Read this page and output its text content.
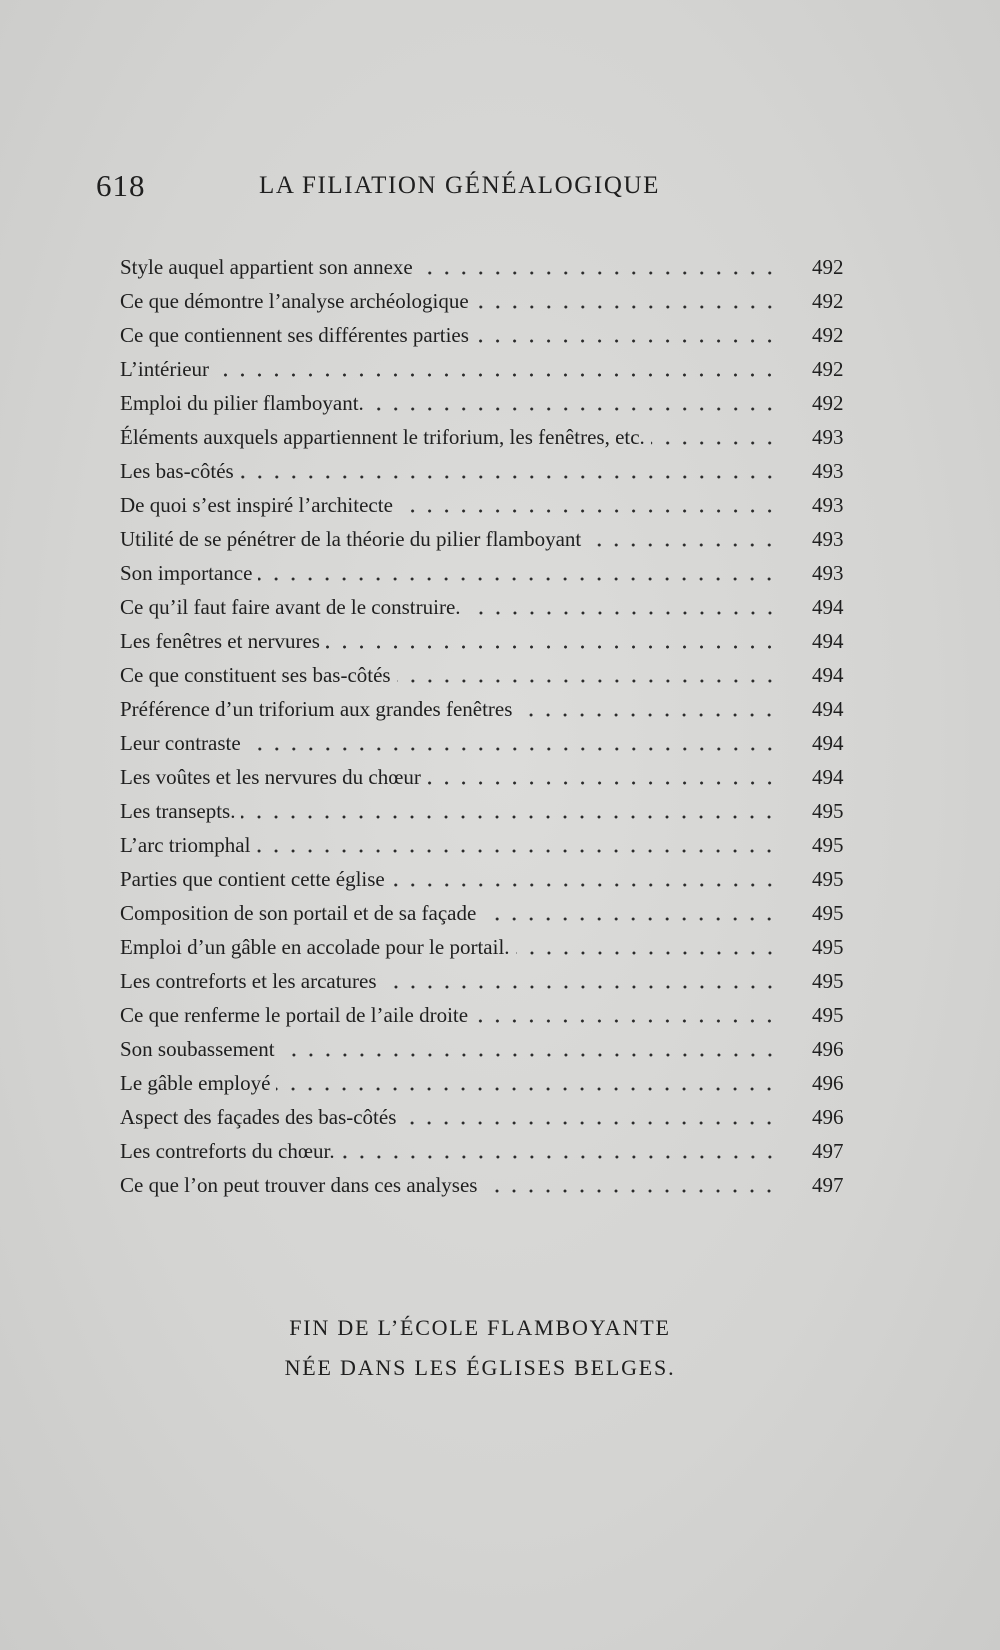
618	LA FILIATION GÉNÉALOGIQUE
Style auquel appartient son annexe	492
Ce que démontre l’analyse archéologique	492
Ce que contiennent ses différentes parties	492
L’intérieur	492
Emploi du pilier flamboyant.	492
Éléments auxquels appartiennent le triforium, les fenêtres, etc.	493
Les bas-côtés	493
De quoi s’est inspiré l’architecte	493
Utilité de se pénétrer de la théorie du pilier flamboyant	493
Son importance	493
Ce qu’il faut faire avant de le construire.	494
Les fenêtres et nervures	494
Ce que constituent ses bas-côtés	494
Préférence d’un triforium aux grandes fenêtres	494
Leur contraste	494
Les voûtes et les nervures du chœur	494
Les transepts.	495
L’arc triomphal	495
Parties que contient cette église	495
Composition de son portail et de sa façade	495
Emploi d’un gâble en accolade pour le portail.	495
Les contreforts et les arcatures	495
Ce que renferme le portail de l’aile droite	495
Son soubassement	496
Le gâble employé	496
Aspect des façades des bas-côtés	496
Les contreforts du chœur.	497
Ce que l’on peut trouver dans ces analyses	497
FIN DE L’ÉCOLE FLAMBOYANTE
NÉE DANS LES ÉGLISES BELGES.
